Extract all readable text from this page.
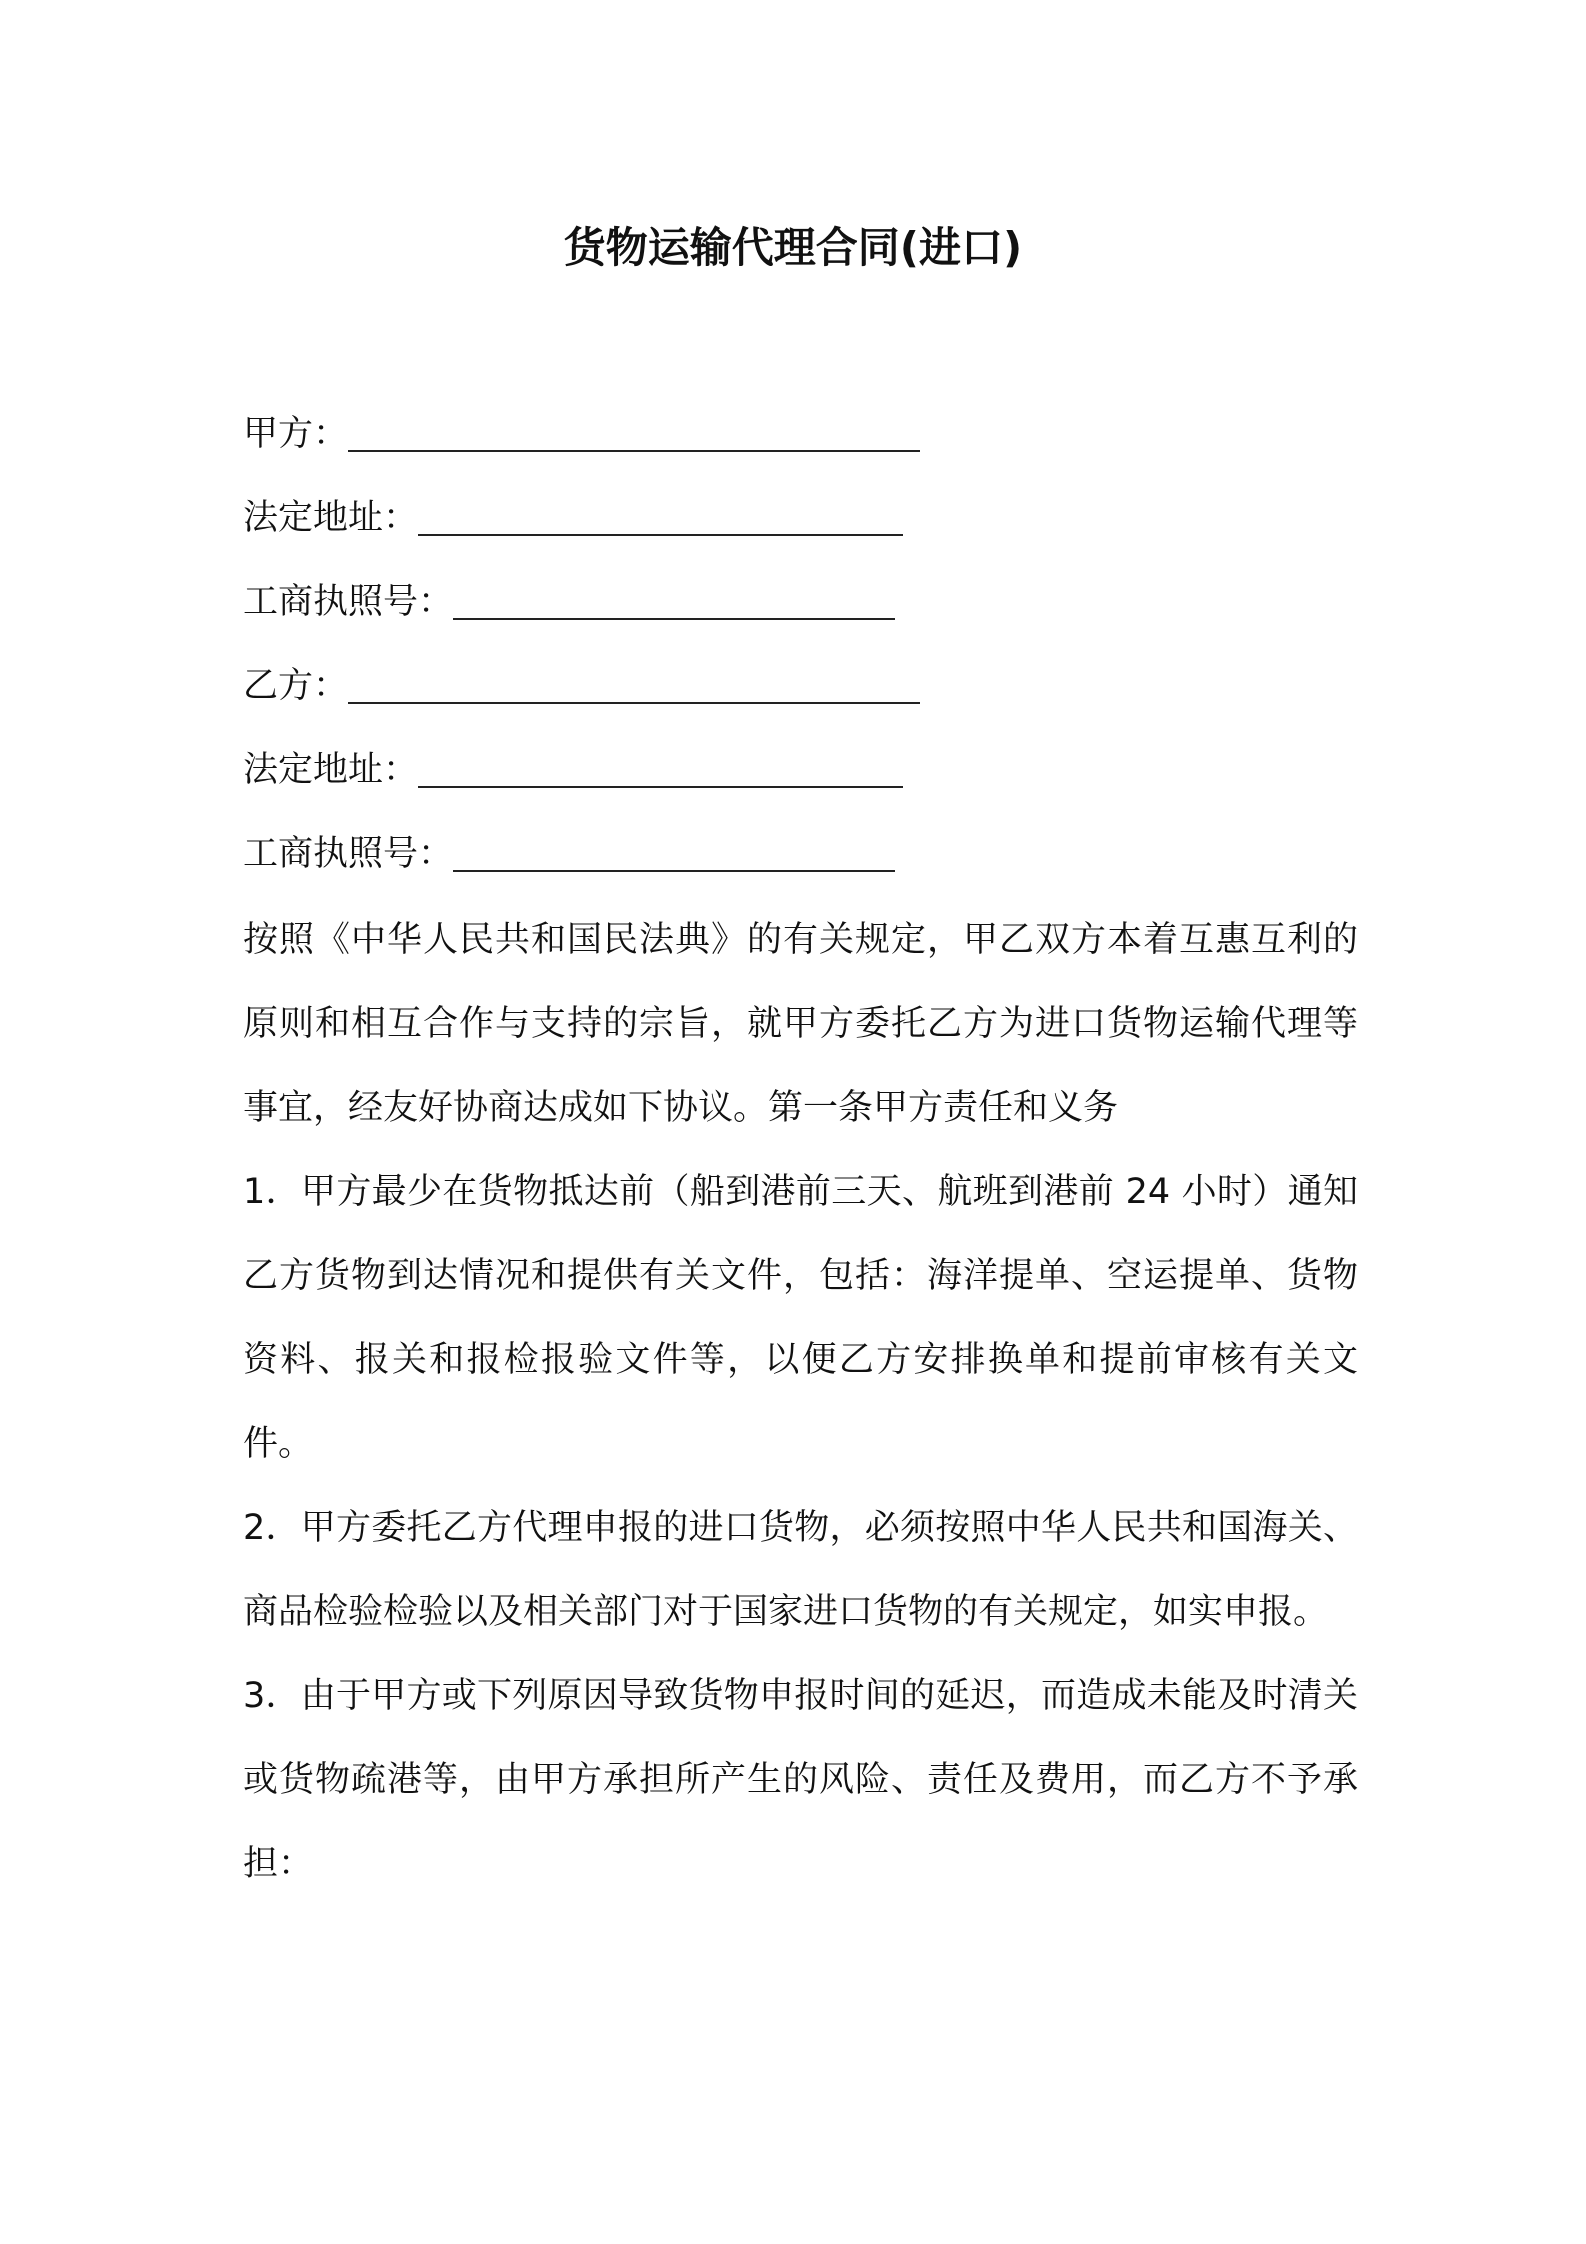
货物运输代理合同(进口)
甲方：
法定地址：
工商执照号：
乙方：
法定地址：
工商执照号：

按照《中华人民共和国民法典》的有关规定，甲乙双方本着互惠互利的原则和相互合作与支持的宗旨，就甲方委托乙方为进口货物运输代理等事宜，经友好协商达成如下协议。第一条甲方责任和义务

1．甲方最少在货物抵达前（船到港前三天、航班到港前 24 小时）通知乙方货物到达情况和提供有关文件，包括：海洋提单、空运提单、货物资料、报关和报检报验文件等，以便乙方安排换单和提前审核有关文件。

2．甲方委托乙方代理申报的进口货物，必须按照中华人民共和国海关、商品检验检验以及相关部门对于国家进口货物的有关规定，如实申报。

3．由于甲方或下列原因导致货物申报时间的延迟，而造成未能及时清关或货物疏港等，由甲方承担所产生的风险、责任及费用，而乙方不予承担：
